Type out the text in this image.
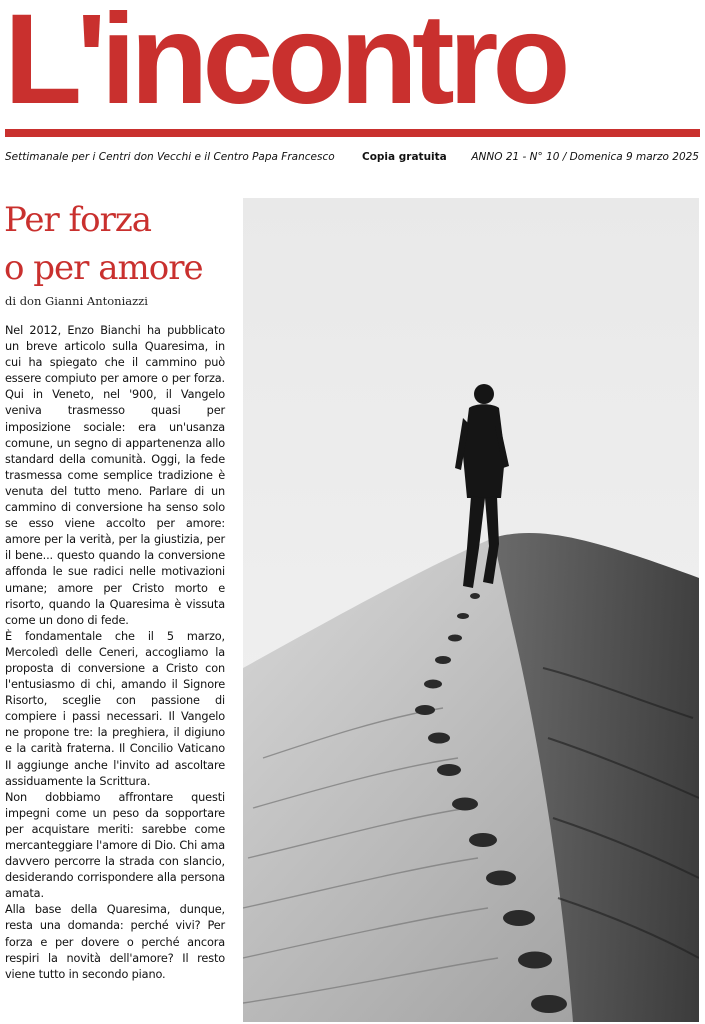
L'incontro
Settimanale per i Centri don Vecchi e il Centro Papa Francesco	Copia gratuita ANNO 21 - N° 10 / Domenica 9 marzo 2025
Per forza
o per amore
di don Gianni Antoniazzi

Nel 2012, Enzo Bianchi ha pubblicato un breve articolo sulla Quaresima, in cui ha spiegato che il cammino può essere compiuto per amore o per forza. Qui in Veneto, nel '900, il Vangelo veniva trasmesso quasi per imposizione sociale: era un'usanza comune, un segno di appartenenza allo standard della comunità. Oggi, la fede trasmessa come semplice tradizione è venuta del tutto meno. Parlare di un cammino di conversione ha senso solo se esso viene accolto per amore: amore per la verità, per la giustizia, per il bene... questo quando la conversione affonda le sue radici nelle motivazioni umane; amore per Cristo morto e risorto, quando la Quaresima è vissuta come un dono di fede.

È fondamentale che il 5 marzo, Mercoledì delle Ceneri, accogliamo la proposta di conversione a Cristo con l'entusiasmo di chi, amando il Signore Risorto, sceglie con passione di compiere i passi necessari. Il Vangelo ne propone tre: la preghiera, il digiuno e la carità fraterna. Il Concilio Vaticano II aggiunge anche l'invito ad ascoltare assiduamente la Scrittura.

Non dobbiamo affrontare questi impegni come un peso da sopportare per acquistare meriti: sarebbe come mercanteggiare l'amore di Dio. Chi ama davvero percorre la strada con slancio, desiderando corrispondere alla persona amata.

Alla base della Quaresima, dunque, resta una domanda: perché vivi? Per forza e per dovere o perché ancora respiri la novità dell'amore? Il resto viene tutto in secondo piano.
